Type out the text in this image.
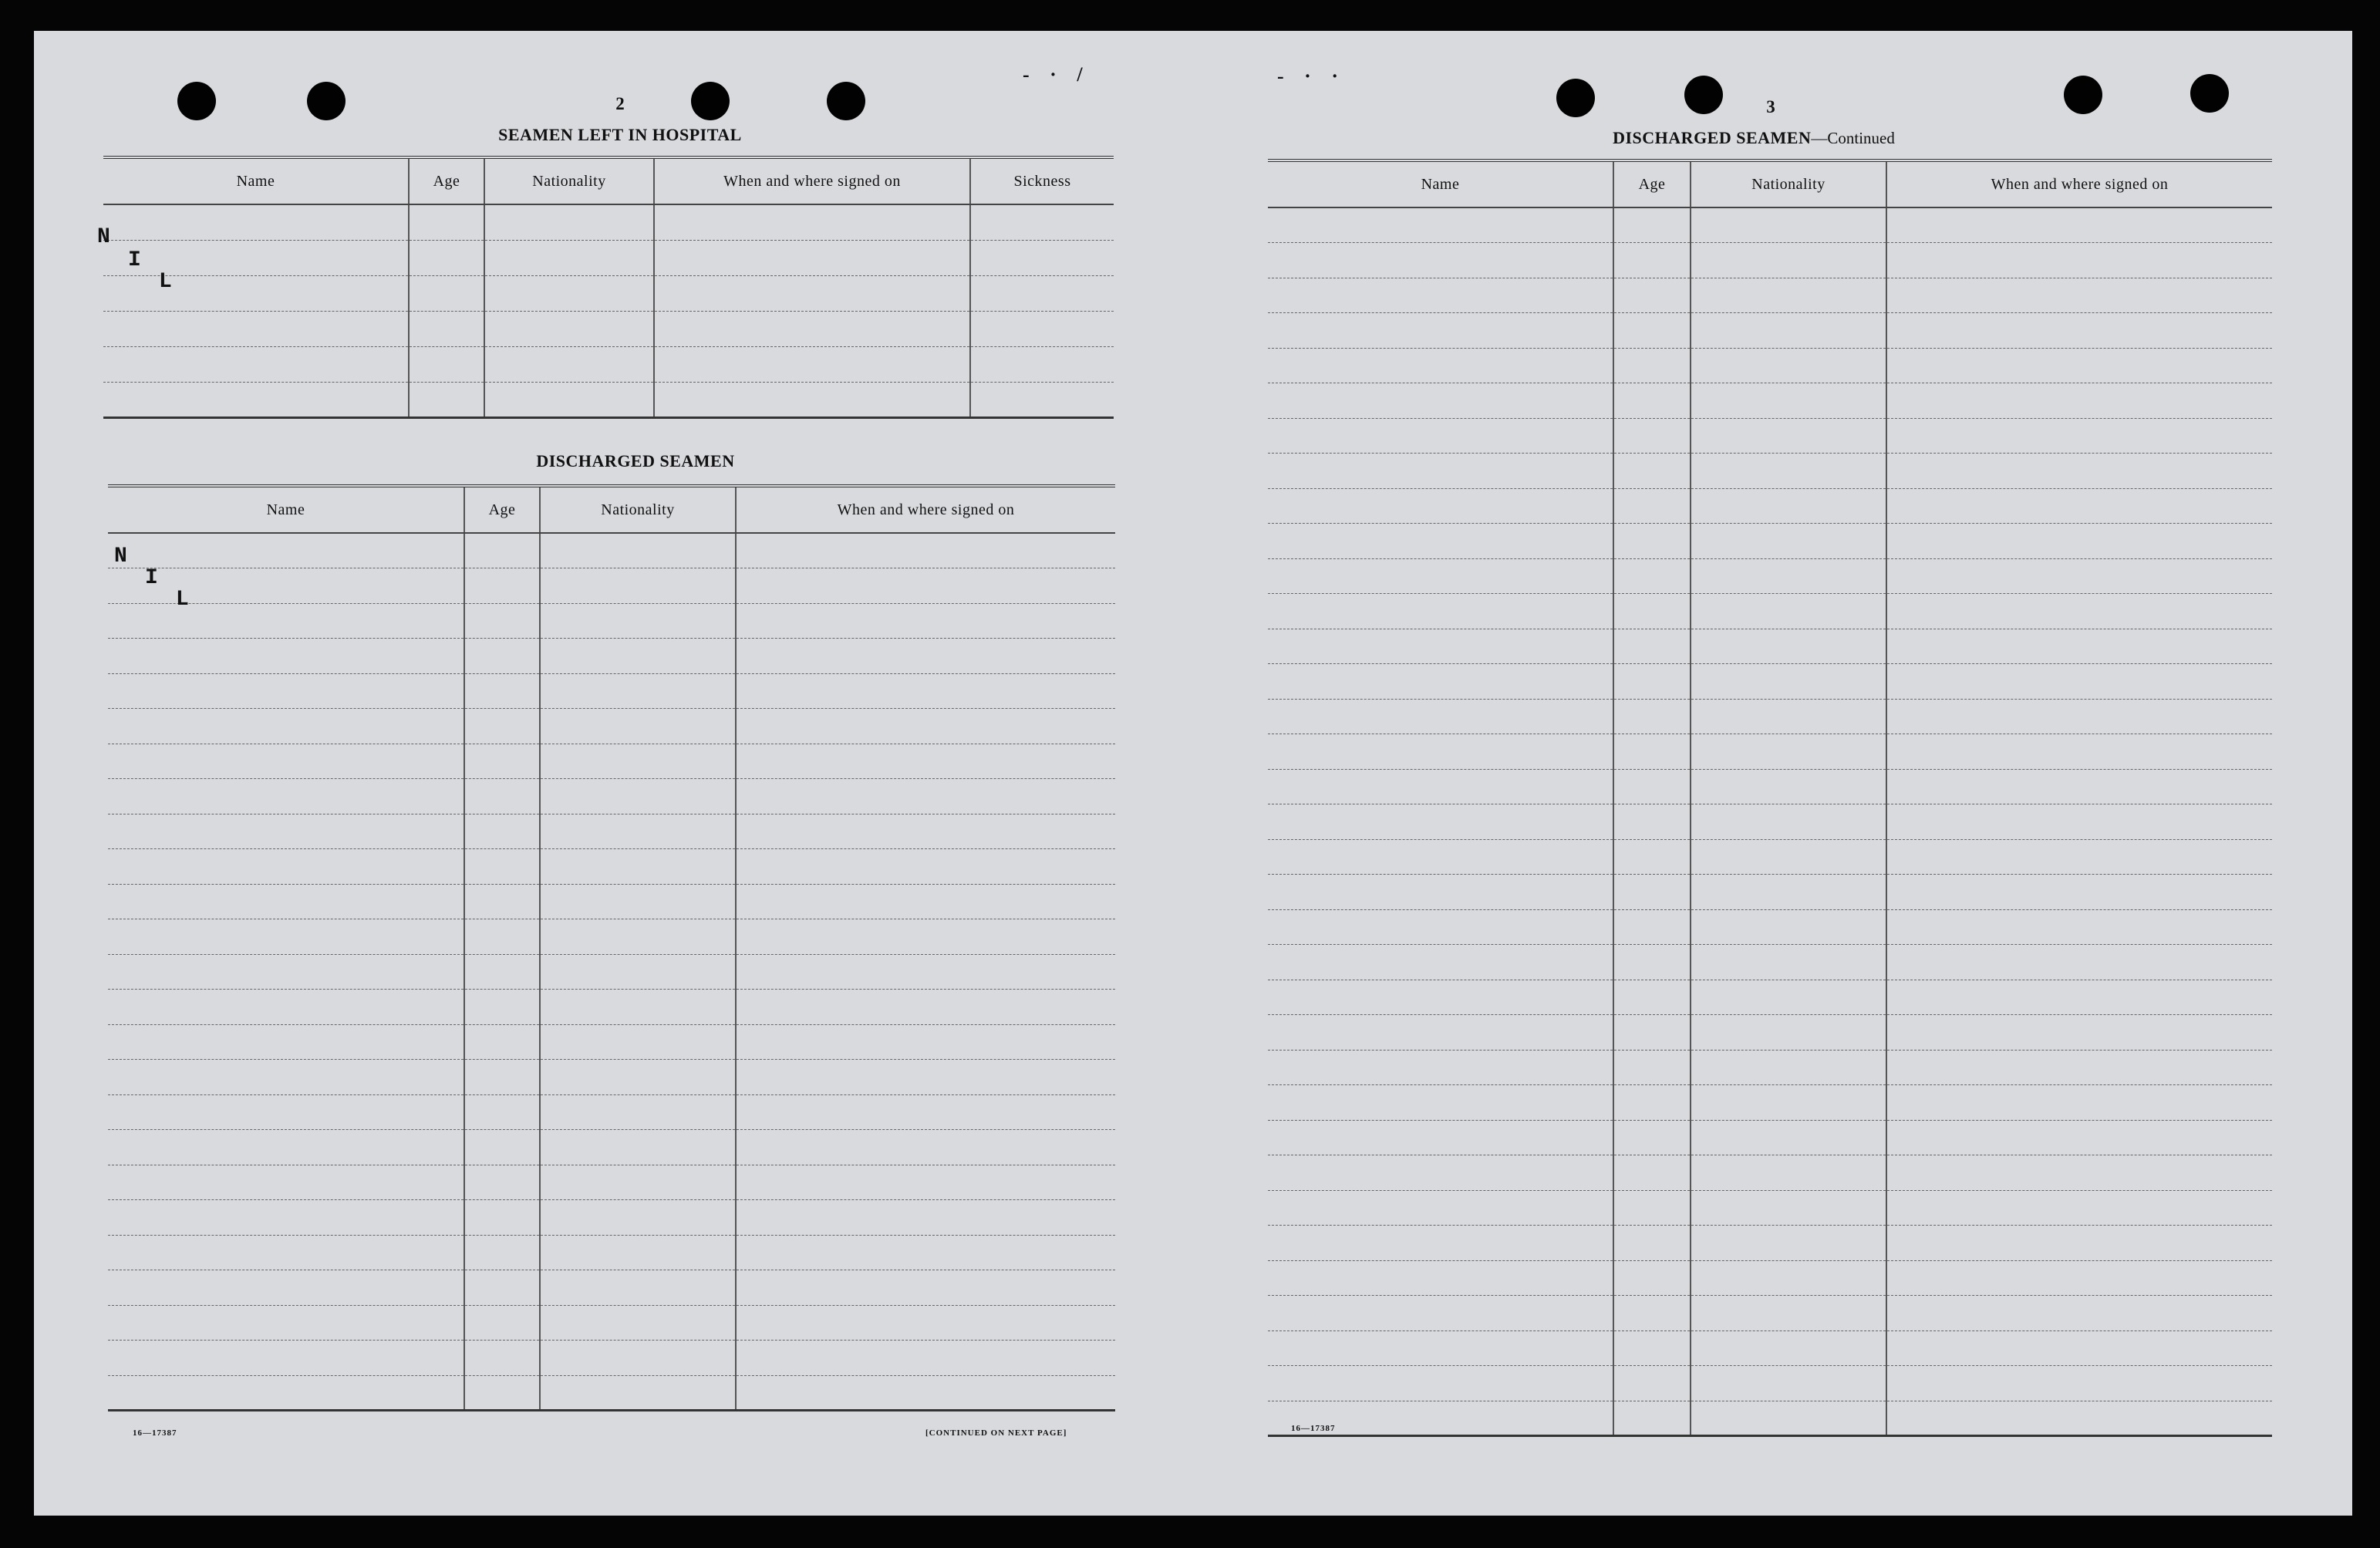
- · /	- · ·
2
SEAMEN LEFT IN HOSPITAL
Name	Age	Nationality	When and where signed on	Sickness

N
I
L
DISCHARGED SEAMEN
Name	Age	Nationality	When and where signed on

N
I
L
16—17387	[CONTINUED ON NEXT PAGE]
3
DISCHARGED SEAMEN—Continued
Name	Age	Nationality	When and where signed on

16—17387
